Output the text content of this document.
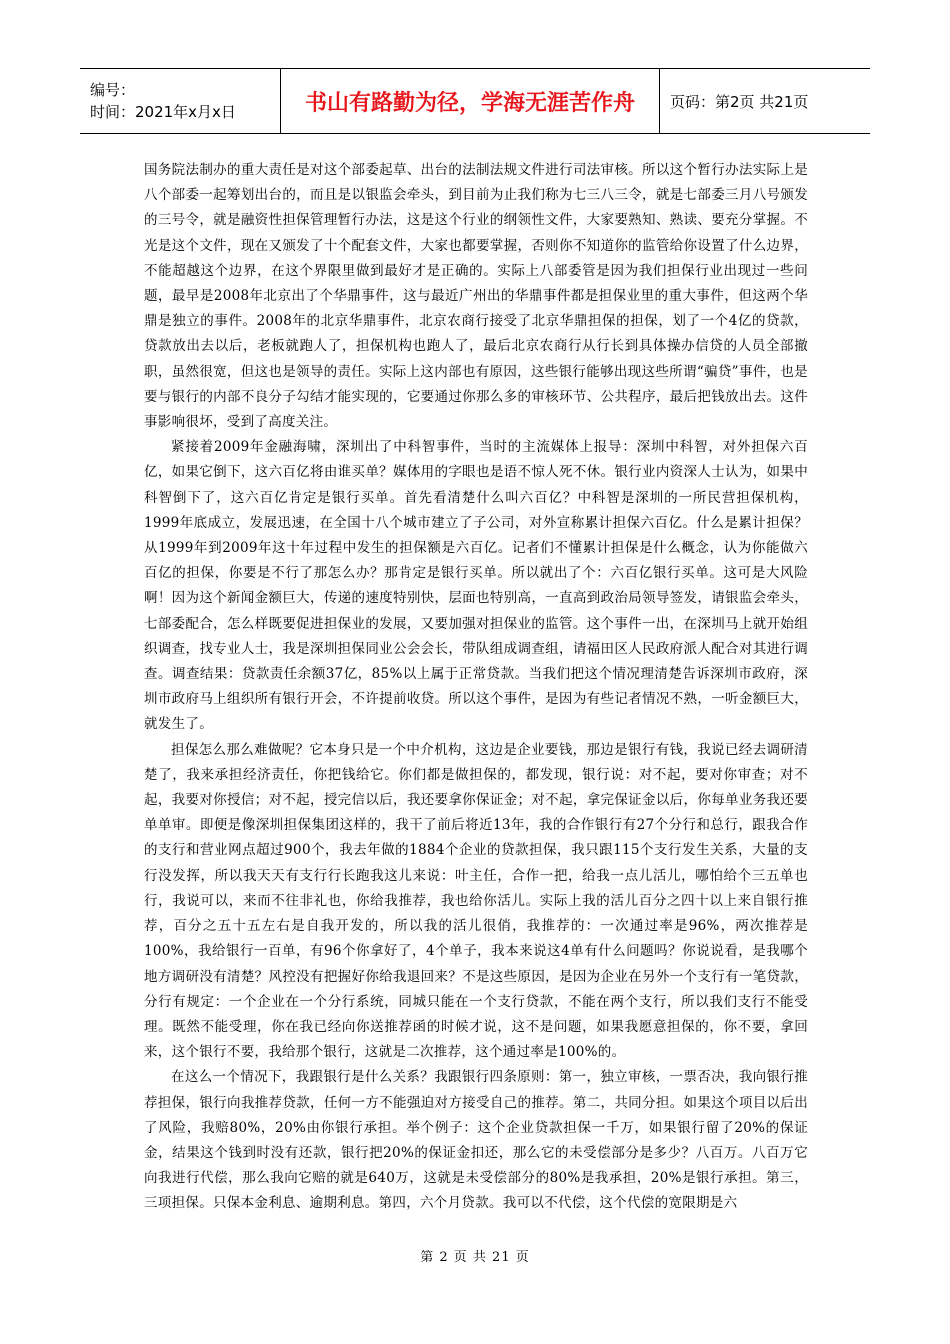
编号：
时间：2021年x月x日	书山有路勤为径，学海无涯苦作舟	页码：第2页 共21页

国务院法制办的重大责任是对这个部委起草、出台的法制法规文件进行司法审核。所以这个暂行办法实际上是八个部委一起筹划出台的，而且是以银监会牵头，到目前为止我们称为七三八三令，就是七部委三月八号颁发的三号令，就是融资性担保管理暂行办法，这是这个行业的纲领性文件，大家要熟知、熟读、要充分掌握。不光是这个文件，现在又颁发了十个配套文件，大家也都要掌握，否则你不知道你的监管给你设置了什么边界，不能超越这个边界，在这个界限里做到最好才是正确的。实际上八部委管是因为我们担保行业出现过一些问题，最早是2008年北京出了个华鼎事件，这与最近广州出的华鼎事件都是担保业里的重大事件，但这两个华鼎是独立的事件。2008年的北京华鼎事件，北京农商行接受了北京华鼎担保的担保，划了一个4亿的贷款，贷款放出去以后，老板就跑人了，担保机构也跑人了，最后北京农商行从行长到具体操办信贷的人员全部撤职，虽然很宽，但这也是领导的责任。实际上这内部也有原因，这些银行能够出现这些所谓“骗贷”事件，也是要与银行的内部不良分子勾结才能实现的，它要通过你那么多的审核环节、公共程序，最后把钱放出去。这件事影响很坏，受到了高度关注。

紧接着2009年金融海啸，深圳出了中科智事件，当时的主流媒体上报导：深圳中科智，对外担保六百亿，如果它倒下，这六百亿将由谁买单？媒体用的字眼也是语不惊人死不休。银行业内资深人士认为，如果中科智倒下了，这六百亿肯定是银行买单。首先看清楚什么叫六百亿？中科智是深圳的一所民营担保机构，1999年底成立，发展迅速，在全国十八个城市建立了子公司，对外宣称累计担保六百亿。什么是累计担保？从1999年到2009年这十年过程中发生的担保额是六百亿。记者们不懂累计担保是什么概念，认为你能做六百亿的担保，你要是不行了那怎么办？那肯定是银行买单。所以就出了个：六百亿银行买单。这可是大风险啊！因为这个新闻金额巨大，传递的速度特别快，层面也特别高，一直高到政治局领导签发，请银监会牵头，七部委配合，怎么样既要促进担保业的发展，又要加强对担保业的监管。这个事件一出，在深圳马上就开始组织调查，找专业人士，我是深圳担保同业公会会长，带队组成调查组，请福田区人民政府派人配合对其进行调查。调查结果：贷款责任余额37亿，85%以上属于正常贷款。当我们把这个情况理清楚告诉深圳市政府，深圳市政府马上组织所有银行开会，不许提前收贷。所以这个事件，是因为有些记者情况不熟，一听金额巨大，就发生了。

担保怎么那么难做呢？它本身只是一个中介机构，这边是企业要钱，那边是银行有钱，我说已经去调研清楚了，我来承担经济责任，你把钱给它。你们都是做担保的，都发现，银行说：对不起，要对你审查；对不起，我要对你授信；对不起，授完信以后，我还要拿你保证金；对不起，拿完保证金以后，你每单业务我还要单单审。即便是像深圳担保集团这样的，我干了前后将近13年，我的合作银行有27个分行和总行，跟我合作的支行和营业网点超过900个，我去年做的1884个企业的贷款担保，我只跟115个支行发生关系，大量的支行没发挥，所以我天天有支行行长跑我这儿来说：叶主任，合作一把，给我一点儿活儿，哪怕给个三五单也行，我说可以，来而不往非礼也，你给我推荐，我也给你活儿。实际上我的活儿百分之四十以上来自银行推荐，百分之五十五左右是自我开发的，所以我的活儿很俏，我推荐的：一次通过率是96%，两次推荐是100%，我给银行一百单，有96个你拿好了，4个单子，我本来说这4单有什么问题吗？你说说看，是我哪个地方调研没有清楚？风控没有把握好你给我退回来？不是这些原因，是因为企业在另外一个支行有一笔贷款，分行有规定：一个企业在一个分行系统，同城只能在一个支行贷款，不能在两个支行，所以我们支行不能受理。既然不能受理，你在我已经向你送推荐函的时候才说，这不是问题，如果我愿意担保的，你不要，拿回来，这个银行不要，我给那个银行，这就是二次推荐，这个通过率是100%的。

在这么一个情况下，我跟银行是什么关系？我跟银行四条原则：第一，独立审核，一票否决，我向银行推荐担保，银行向我推荐贷款，任何一方不能强迫对方接受自己的推荐。第二，共同分担。如果这个项目以后出了风险，我赔80%，20%由你银行承担。举个例子：这个企业贷款担保一千万，如果银行留了20%的保证金，结果这个钱到时没有还款，银行把20%的保证金扣还，那么它的未受偿部分是多少？八百万。八百万它向我进行代偿，那么我向它赔的就是640万，这就是未受偿部分的80%是我承担，20%是银行承担。第三，三项担保。只保本金利息、逾期利息。第四，六个月贷款。我可以不代偿，这个代偿的宽限期是六

第 2 页 共 21 页
